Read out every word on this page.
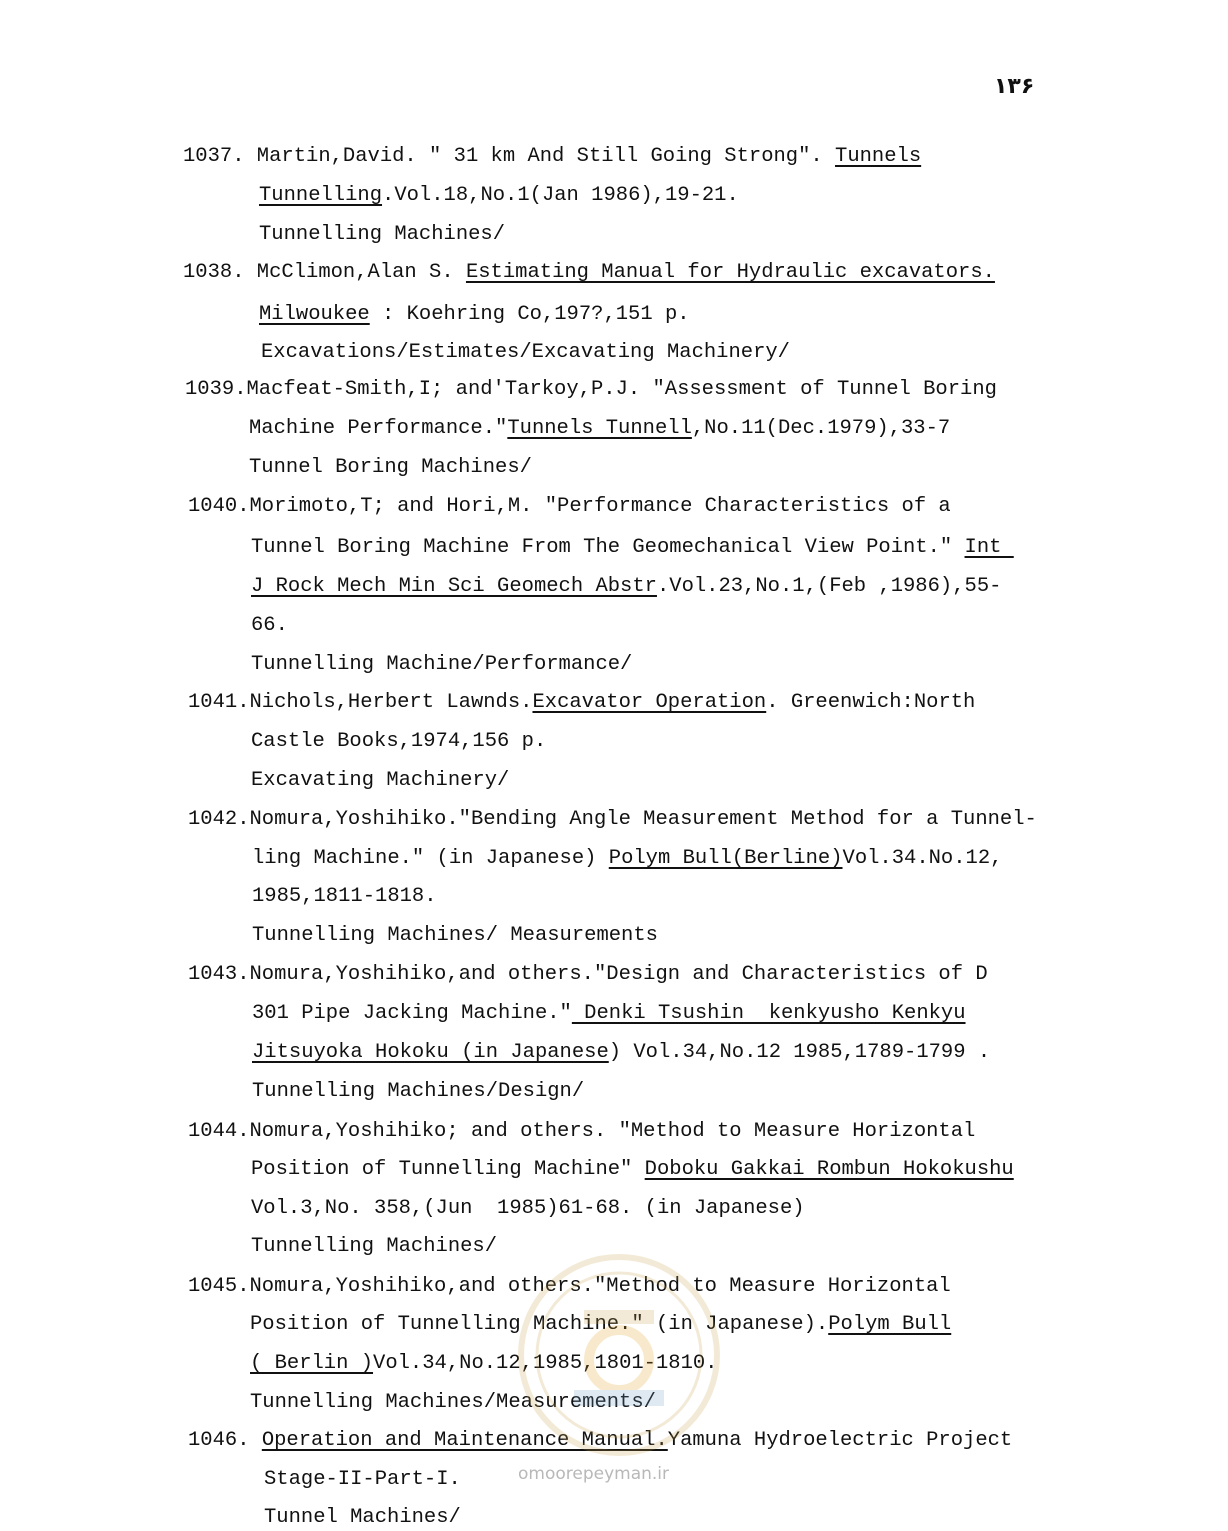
۱۳۶
1037. Martin,David. " 31 km And Still Going Strong". Tunnels
Tunnelling.Vol.18,No.1(Jan 1986),19-21.
Tunnelling Machines/
1038. McClimon,Alan S. Estimating Manual for Hydraulic excavators.
Milwoukee : Koehring Co,197?,151 p.
Excavations/Estimates/Excavating Machinery/
1039.Macfeat-Smith,I; and'Tarkoy,P.J. "Assessment of Tunnel Boring
Machine Performance."Tunnels Tunnell,No.11(Dec.1979),33-7
Tunnel Boring Machines/
1040.Morimoto,T; and Hori,M. "Performance Characteristics of a
Tunnel Boring Machine From The Geomechanical View Point." Int
J Rock Mech Min Sci Geomech Abstr.Vol.23,No.1,(Feb ,1986),55-
66.
Tunnelling Machine/Performance/
1041.Nichols,Herbert Lawnds.Excavator Operation. Greenwich:North
Castle Books,1974,156 p.
Excavating Machinery/
1042.Nomura,Yoshihiko."Bending Angle Measurement Method for a Tunnel-
ling Machine." (in Japanese) Polym Bull(Berline)Vol.34.No.12,
1985,1811-1818.
Tunnelling Machines/ Measurements
1043.Nomura,Yoshihiko,and others."Design and Characteristics of D
301 Pipe Jacking Machine." Denki Tsushin  kenkyusho Kenkyu
Jitsuyoka Hokoku (in Japanese) Vol.34,No.12 1985,1789-1799 .
Tunnelling Machines/Design/
1044.Nomura,Yoshihiko; and others. "Method to Measure Horizontal
Position of Tunnelling Machine" Doboku Gakkai Rombun Hokokushu
Vol.3,No. 358,(Jun  1985)61-68. (in Japanese)
Tunnelling Machines/
1045.Nomura,Yoshihiko,and others."Method to Measure Horizontal
Position of Tunnelling Machine." (in Japanese).Polym Bull
( Berlin )Vol.34,No.12,1985,1801-1810.
Tunnelling Machines/Measurements/
1046. Operation and Maintenance Manual.Yamuna Hydroelectric Project
Stage-II-Part-I.
Tunnel Machines/
omoorepeyman.ir
